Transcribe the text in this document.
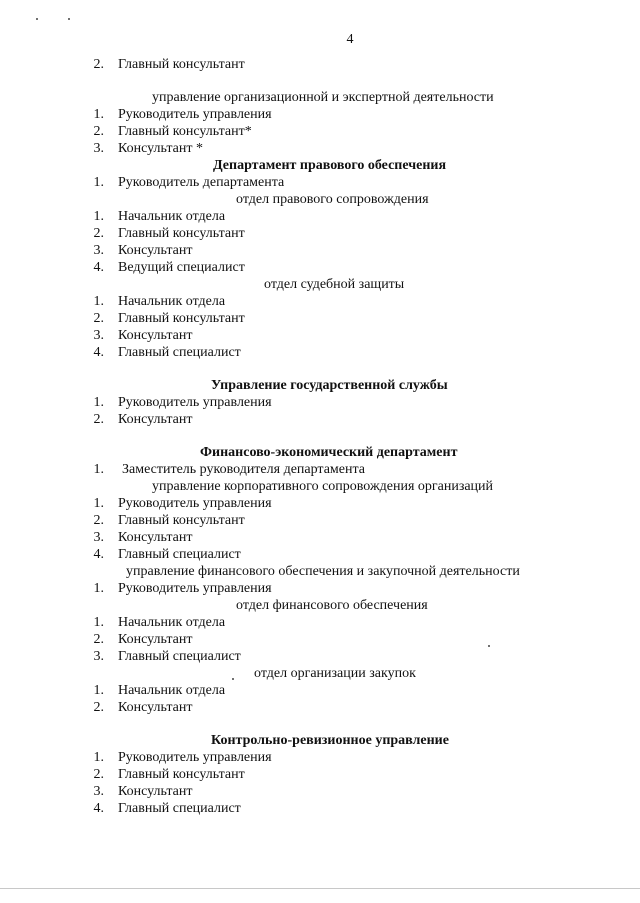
4
2. Главный консультант
управление организационной и экспертной деятельности
1. Руководитель управления
2. Главный консультант*
3. Консультант *
Департамент правового обеспечения
1. Руководитель департамента
отдел правового сопровождения
1. Начальник отдела
2. Главный консультант
3. Консультант
4. Ведущий специалист
отдел судебной защиты
1. Начальник отдела
2. Главный консультант
3. Консультант
4. Главный специалист
Управление государственной службы
1. Руководитель управления
2. Консультант
Финансово-экономический департамент
1. Заместитель руководителя департамента
управление корпоративного сопровождения организаций
1. Руководитель управления
2. Главный консультант
3. Консультант
4. Главный специалист
управление финансового обеспечения и закупочной деятельности
1. Руководитель управления
отдел финансового обеспечения
1. Начальник отдела
2. Консультант
3. Главный специалист
отдел организации закупок
1. Начальник отдела
2. Консультант
Контрольно-ревизионное управление
1. Руководитель управления
2. Главный консультант
3. Консультант
4. Главный специалист
